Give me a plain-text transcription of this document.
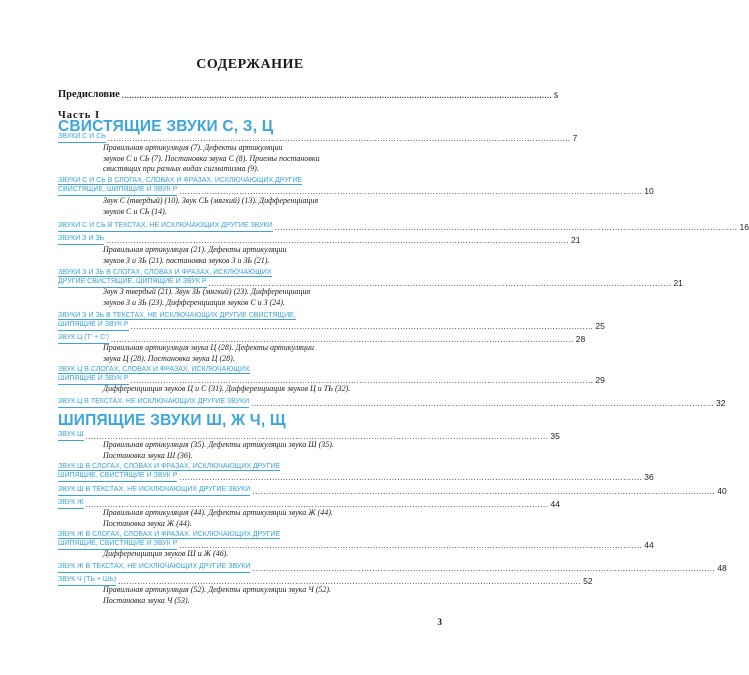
СОДЕРЖАНИЕ
Предисловие ............................................................................................................................................................................ 5
Часть I
СВИСТЯЩИЕ ЗВУКИ С, З, Ц
ЗВУКИ С И СЬ .......................................................................................................................................................................... 7
Правильная артикуляция (7). Дефекты артикуляции
звуков С и СЬ (7). Постановка звука С (8). Приемы постановки
свистящих при разных видах сигматизма (9).
ЗВУКИ С И СЬ В СЛОГАХ, СЛОВАХ И ФРАЗАХ, ИСКЛЮЧАЮЩИХ ДРУГИЕ
СВИСТЯЩИЕ, ШИПЯЩИЕ И ЗВУК Р .......................................................................................................................................................................... 10
Звук С (твердый) (10). Звук СЬ (мягкий) (13). Дифференциация
звуков С и СЬ (14).
ЗВУКИ С И СЬ В ТЕКСТАХ, НЕ ИСКЛЮЧАЮЩИХ ДРУГИЕ ЗВУКИ .......................................................................................................................................................................... 16
ЗВУКИ З И ЗЬ .......................................................................................................................................................................... 21
Правильная артикуляция (21). Дефекты артикуляции
звуков З и ЗЬ (21). постановка звуков З и ЗЬ (21).
ЗВУКИ З И ЗЬ В СЛОГАХ, СЛОВАХ И ФРАЗАХ, ИСКЛЮЧАЮЩИХ
ДРУГИЕ СВИСТЯЩИЕ, ШИПЯЩИЕ И ЗВУК Р .......................................................................................................................................................................... 21
Звук З твердый (21). Звук ЗЬ (мягкий) (23). Дифференциация
звуков З и ЗЬ (23). Дифференциация звуков С и З (24).
ЗВУКИ З И ЗЬ В ТЕКСТАХ, НЕ ИСКЛЮЧАЮЩИХ ДРУГИЕ СВИСТЯЩИЕ,
ШИПЯЩИЕ И ЗВУК Р .......................................................................................................................................................................... 25
ЗВУК Ц (Т' + С') .......................................................................................................................................................................... 28
Правильная артикуляция звука Ц (28). Дефекты артикуляции
звука Ц (28). Постановка звука Ц (28).
ЗВУК Ц В СЛОГАХ, СЛОВАХ И ФРАЗАХ, ИСКЛЮЧАЮЩИХ
ШИПЯЩИЕ И ЗВУК Р .......................................................................................................................................................................... 29
Дифференциация звуков Ц и С (31). Дифференциация звуков Ц и ТЬ (32).
ЗВУК Ц В ТЕКСТАХ, НЕ ИСКЛЮЧАЮЩИХ ДРУГИЕ ЗВУКИ .......................................................................................................................................................................... 32
ШИПЯЩИЕ ЗВУКИ Ш, Ж Ч, Щ
ЗВУК Ш .......................................................................................................................................................................... 35
Правильная артикуляция (35). Дефекты артикуляции звука Ш (35).
Постановка звука Ш (36).
ЗВУК Ш В СЛОГАХ, СЛОВАХ И ФРАЗАХ, ИСКЛЮЧАЮЩИХ ДРУГИЕ
ШИПЯЩИЕ, СВИСТЯЩИЕ И ЗВУК Р .......................................................................................................................................................................... 36
ЗВУК Ш В ТЕКСТАХ, НЕ ИСКЛЮЧАЮЩИХ ДРУГИЕ ЗВУКИ .......................................................................................................................................................................... 40
ЗВУК Ж .......................................................................................................................................................................... 44
Правильная артикуляция (44). Дефекты артикуляции звука Ж (44).
Постановка звука Ж (44).
ЗВУК Ж В СЛОГАХ, СЛОВАХ И ФРАЗАХ, ИСКЛЮЧАЮЩИХ ДРУГИЕ
ШИПЯЩИЕ, СВИСТЯЩИЕ И ЗВУК Р .......................................................................................................................................................................... 44
Дифференциация звуков Ш и Ж (46).
ЗВУК Ж В ТЕКСТАХ, НЕ ИСКЛЮЧАЮЩИХ ДРУГИЕ ЗВУКИ .......................................................................................................................................................................... 48
ЗВУК Ч (ТЬ + ШЬ) .......................................................................................................................................................................... 52
Правильная артикуляция (52). Дефекты артикуляции звука Ч (52).
Постановка звука Ч (53).
3
